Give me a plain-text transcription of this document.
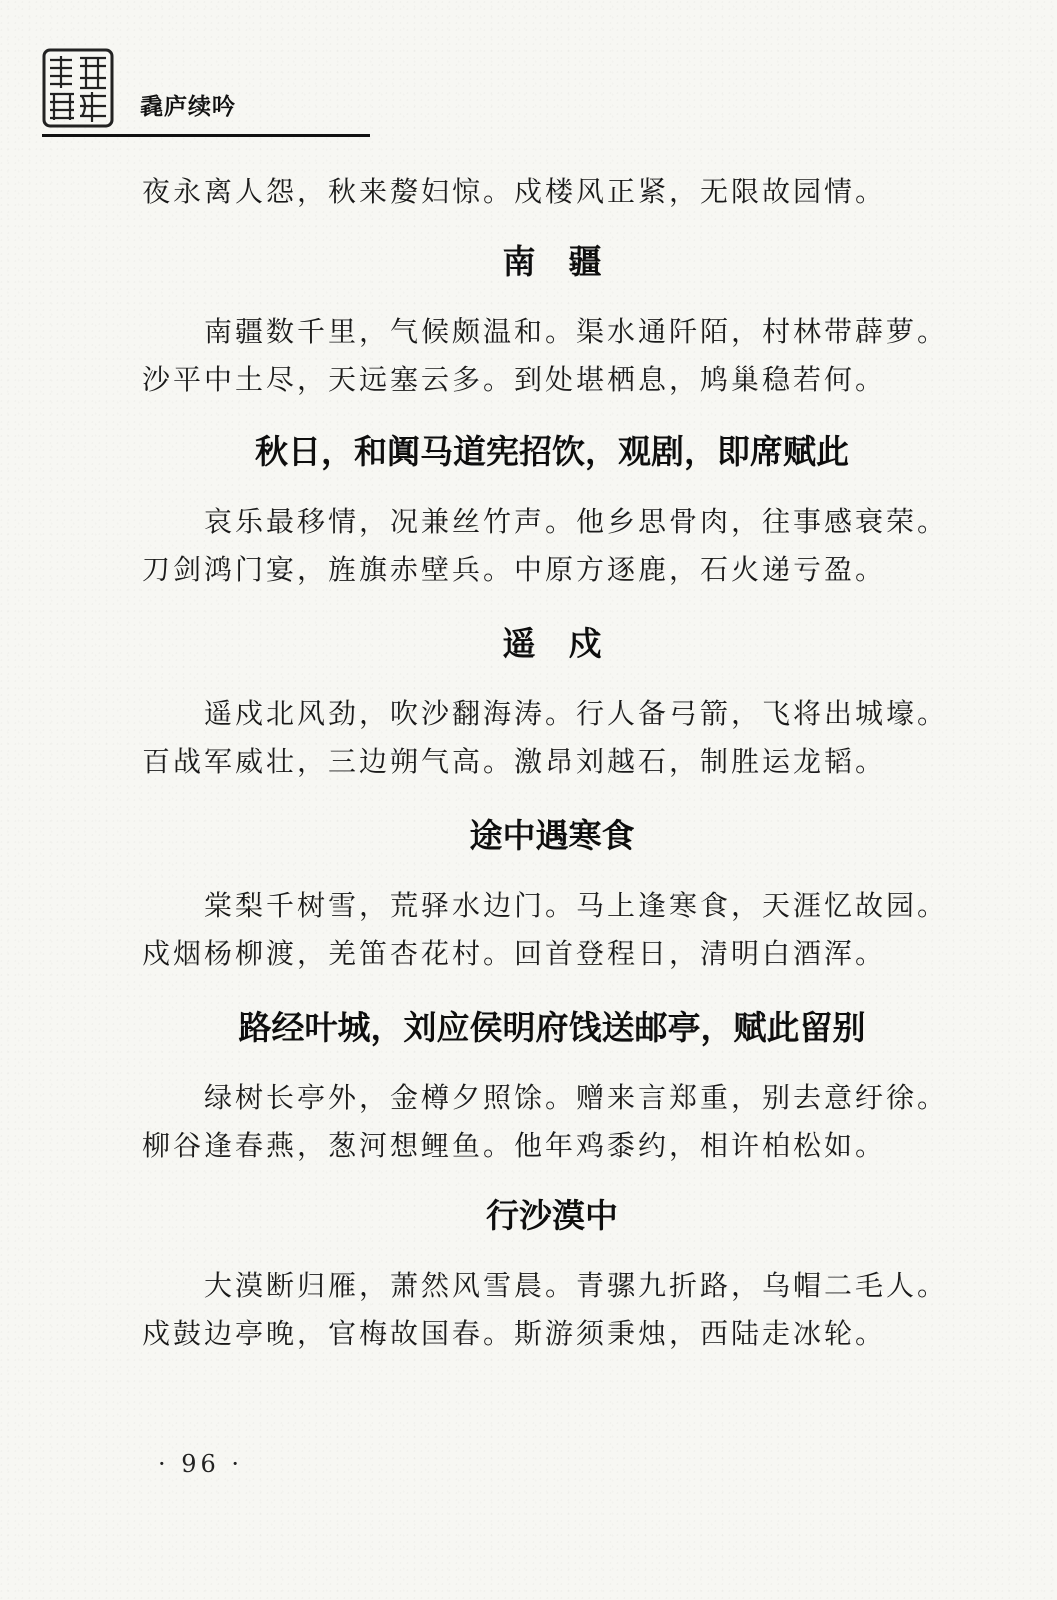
毳庐续吟

夜永离人怨，秋来嫠妇惊。戍楼风正紧，无限故园情。

南　疆

南疆数千里，气候颇温和。渠水通阡陌，村林带薜萝。

沙平中土尽，天远塞云多。到处堪栖息，鸠巢稳若何。

秋日，和阗马道宪招饮，观剧，即席赋此

哀乐最移情，况兼丝竹声。他乡思骨肉，往事感衰荣。

刀剑鸿门宴，旌旗赤壁兵。中原方逐鹿，石火递亏盈。

遥　戍

遥戍北风劲，吹沙翻海涛。行人备弓箭，飞将出城壕。

百战军威壮，三边朔气高。激昂刘越石，制胜运龙韬。

途中遇寒食

棠梨千树雪，荒驿水边门。马上逢寒食，天涯忆故园。

戍烟杨柳渡，羌笛杏花村。回首登程日，清明白酒浑。

路经叶城，刘应侯明府饯送邮亭，赋此留别

绿树长亭外，金樽夕照馀。赠来言郑重，别去意纡徐。

柳谷逢春燕，葱河想鲤鱼。他年鸡黍约，相许柏松如。

行沙漠中

大漠断归雁，萧然风雪晨。青骡九折路，乌帽二毛人。

戍鼓边亭晚，官梅故国春。斯游须秉烛，西陆走冰轮。

· 96 ·
